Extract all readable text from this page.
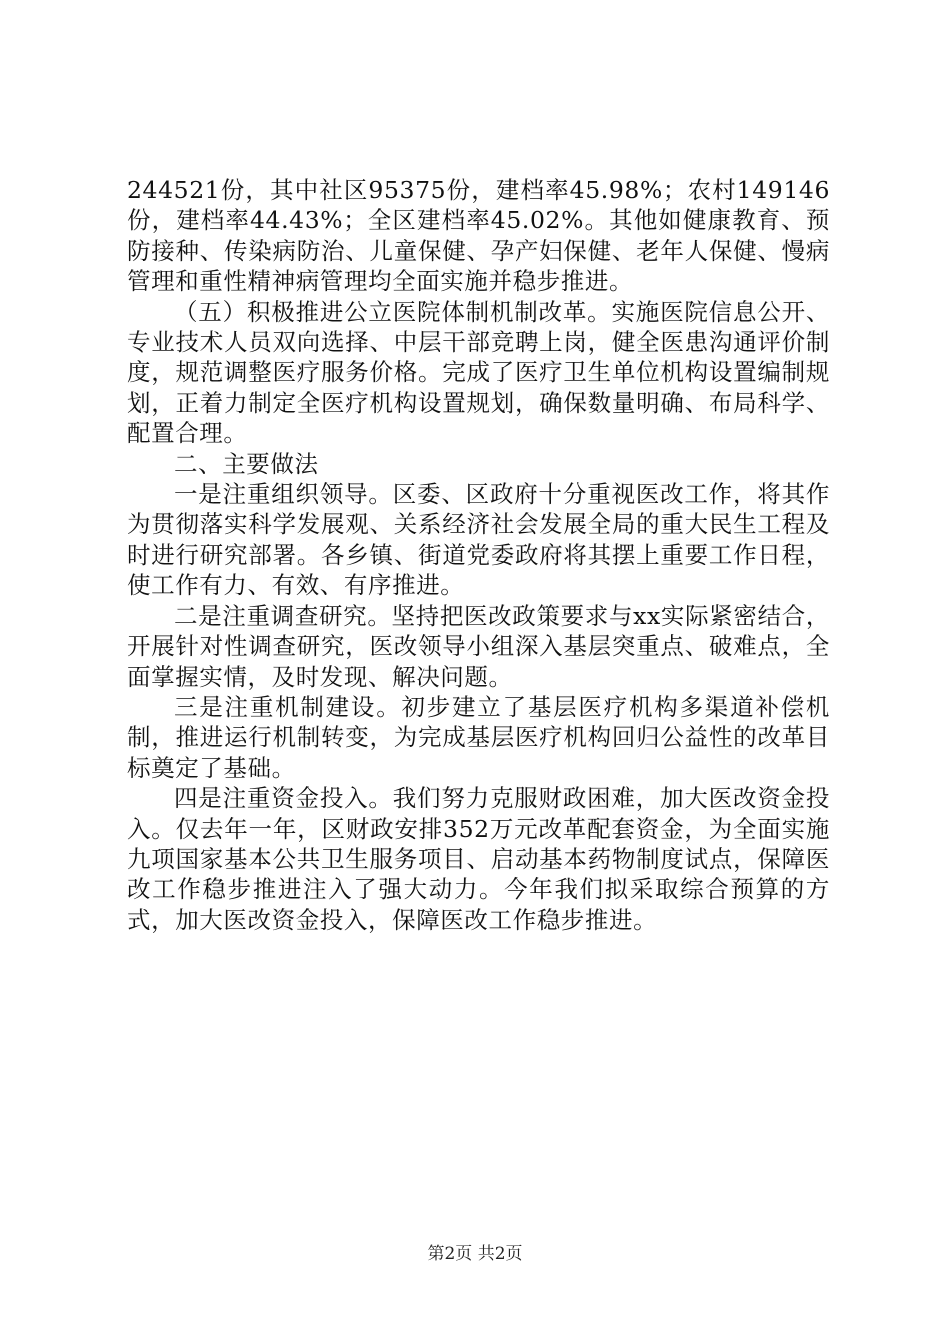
244521份，其中社区95375份，建档率45.98%；农村149146份，建档率44.43%；全区建档率45.02%。其他如健康教育、预防接种、传染病防治、儿童保健、孕产妇保健、老年人保健、慢病管理和重性精神病管理均全面实施并稳步推进。

（五）积极推进公立医院体制机制改革。实施医院信息公开、专业技术人员双向选择、中层干部竞聘上岗，健全医患沟通评价制度，规范调整医疗服务价格。完成了医疗卫生单位机构设置编制规划，正着力制定全医疗机构设置规划，确保数量明确、布局科学、配置合理。

二、主要做法

一是注重组织领导。区委、区政府十分重视医改工作，将其作为贯彻落实科学发展观、关系经济社会发展全局的重大民生工程及时进行研究部署。各乡镇、街道党委政府将其摆上重要工作日程，使工作有力、有效、有序推进。

二是注重调查研究。坚持把医改政策要求与xx实际紧密结合，开展针对性调查研究，医改领导小组深入基层突重点、破难点，全面掌握实情，及时发现、解决问题。

三是注重机制建设。初步建立了基层医疗机构多渠道补偿机制，推进运行机制转变，为完成基层医疗机构回归公益性的改革目标奠定了基础。

四是注重资金投入。我们努力克服财政困难，加大医改资金投入。仅去年一年，区财政安排352万元改革配套资金，为全面实施九项国家基本公共卫生服务项目、启动基本药物制度试点，保障医改工作稳步推进注入了强大动力。今年我们拟采取综合预算的方式，加大医改资金投入，保障医改工作稳步推进。

第2页 共2页
